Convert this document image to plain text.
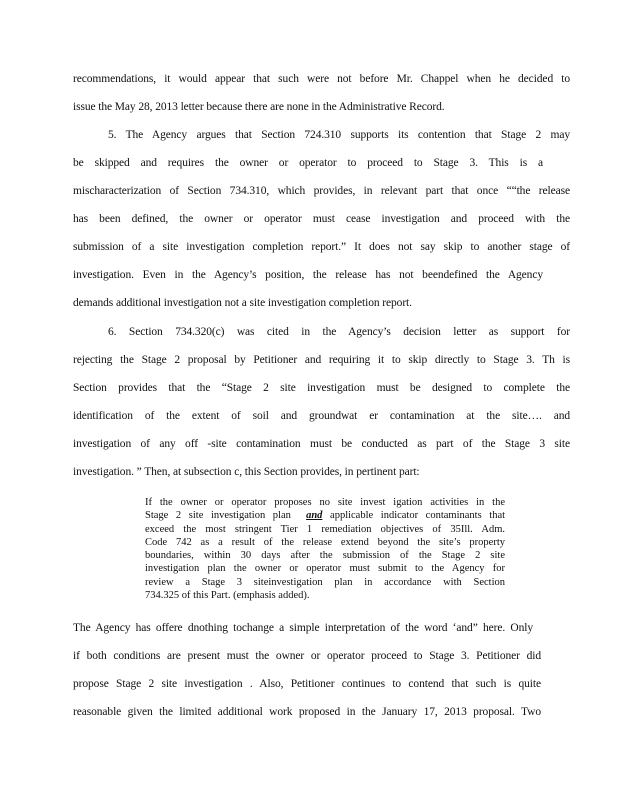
recommendations, it would appear that such were not before Mr. Chappel when he decided to
issue the May 28, 2013 letter because there are none in the Administrative Record.
5. The Agency argues that Section 724.310 supports its contention that Stage 2 may
be skipped and requires the owner or operator to proceed to Stage 3. This is a
mischaracterization of Section 734.310, which provides, in relevant part that once ““the release
has been defined, the owner or operator must cease investigation and proceed with the
submission of a site investigation completion report.” It does not say skip to another stage of
investigation. Even in the Agency’s position, the release has not beendefined the Agency
demands additional investigation not a site investigation completion report.
6. Section 734.320(c) was cited in the Agency’s decision letter as support for
rejecting the Stage 2 proposal by Petitioner and requiring it to skip directly to Stage 3. Th is
Section provides that the “Stage 2 site investigation must be designed to complete the
identification of the extent of soil and groundwat er contamination at the site…. and
investigation of any off -site contamination must be conducted as part of the Stage 3 site
investigation. ” Then, at subsection c, this Section provides, in pertinent part:
If the owner or operator proposes no site invest igation activities in the
Stage 2 site investigation plan and applicable indicator contaminants that
exceed the most stringent Tier 1 remediation objectives of 35Ill. Adm.
Code 742 as a result of the release extend beyond the site’s property
boundaries, within 30 days after the submission of the Stage 2 site
investigation plan the owner or operator must submit to the Agency for
review a Stage 3 siteinvestigation plan in accordance with Section
734.325 of this Part. (emphasis added).
The Agency has offere dnothing tochange a simple interpretation of the word ‘and” here. Only
if both conditions are present must the owner or operator proceed to Stage 3. Petitioner did
propose Stage 2 site investigation . Also, Petitioner continues to contend that such is quite
reasonable given the limited additional work proposed in the January 17, 2013 proposal. Two
